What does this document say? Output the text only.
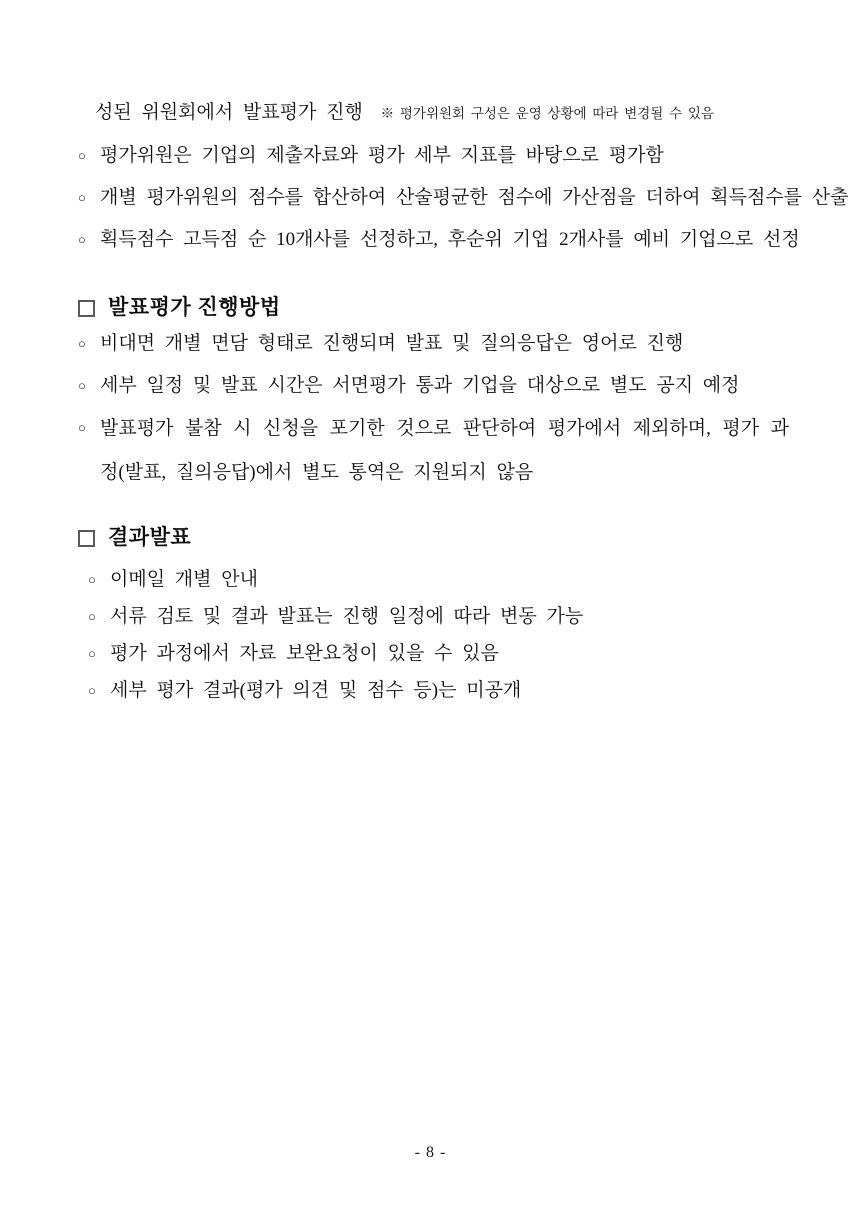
성된 위원회에서 발표평가 진행 ※ 평가위원회 구성은 운영 상황에 따라 변경될 수 있음
○ 평가위원은 기업의 제출자료와 평가 세부 지표를 바탕으로 평가함
○ 개별 평가위원의 점수를 합산하여 산술평균한 점수에 가산점을 더하여 획득점수를 산출
○ 획득점수 고득점 순 10개사를 선정하고, 후순위 기업 2개사를 예비 기업으로 선정
발표평가 진행방법
○ 비대면 개별 면담 형태로 진행되며 발표 및 질의응답은 영어로 진행
○ 세부 일정 및 발표 시간은 서면평가 통과 기업을 대상으로 별도 공지 예정
○ 발표평가 불참 시 신청을 포기한 것으로 판단하여 평가에서 제외하며, 평가 과정(발표, 질의응답)에서 별도 통역은 지원되지 않음
결과발표
○ 이메일 개별 안내
○ 서류 검토 및 결과 발표는 진행 일정에 따라 변동 가능
○ 평가 과정에서 자료 보완요청이 있을 수 있음
○ 세부 평가 결과(평가 의견 및 점수 등)는 미공개
- 8 -
